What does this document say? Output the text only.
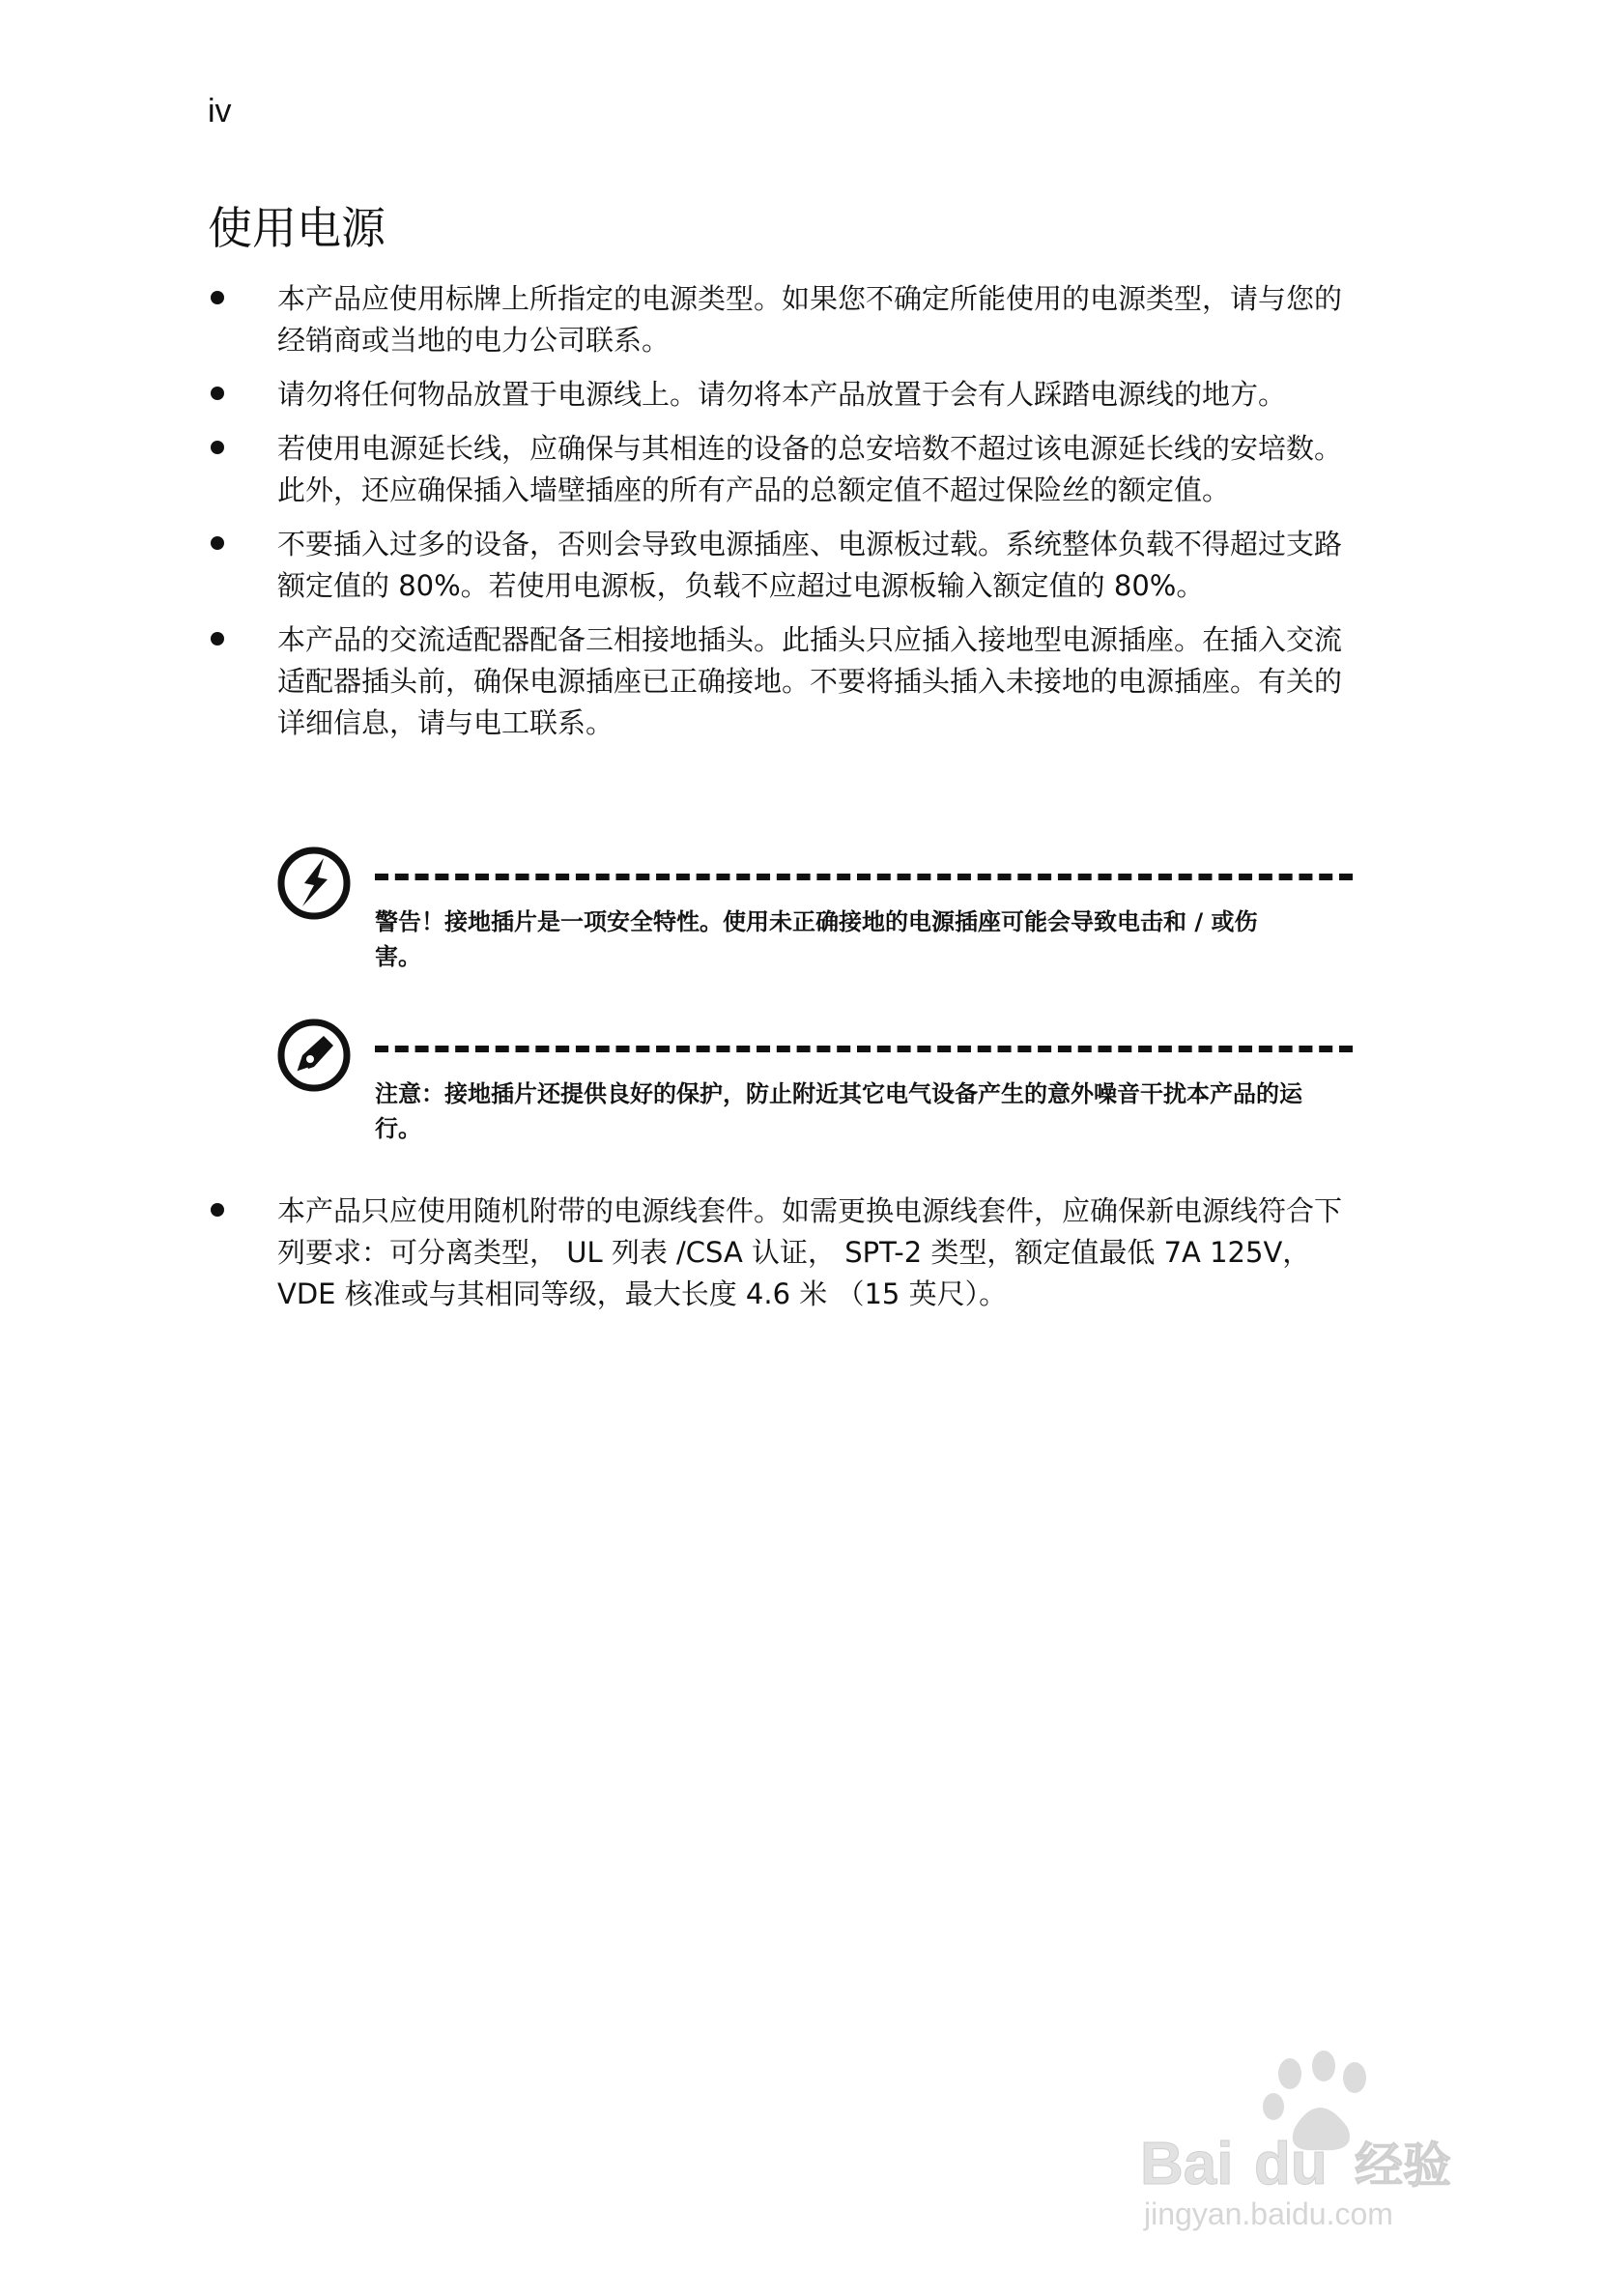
iv
使用电源
本产品应使用标牌上所指定的电源类型。如果您不确定所能使用的电源类型，请与您的经销商或当地的电力公司联系。
请勿将任何物品放置于电源线上。请勿将本产品放置于会有人踩踏电源线的地方。
若使用电源延长线，应确保与其相连的设备的总安培数不超过该电源延长线的安培数。此外，还应确保插入墙壁插座的所有产品的总额定值不超过保险丝的额定值。
不要插入过多的设备，否则会导致电源插座、电源板过载。系统整体负载不得超过支路额定值的 80%。若使用电源板，负载不应超过电源板输入额定值的 80%。
本产品的交流适配器配备三相接地插头。此插头只应插入接地型电源插座。在插入交流适配器插头前，确保电源插座已正确接地。不要将插头插入未接地的电源插座。有关的详细信息，请与电工联系。
警告！接地插片是一项安全特性。使用未正确接地的电源插座可能会导致电击和 / 或伤害。
注意：接地插片还提供良好的保护，防止附近其它电气设备产生的意外噪音干扰本产品的运行。
本产品只应使用随机附带的电源线套件。如需更换电源线套件，应确保新电源线符合下列要求：可分离类型， UL 列表 /CSA 认证， SPT-2 类型，额定值最低 7A 125V， VDE 核准或与其相同等级，最大长度 4.6 米 （15 英尺）。
Bai du 经验
jingyan.baidu.com
